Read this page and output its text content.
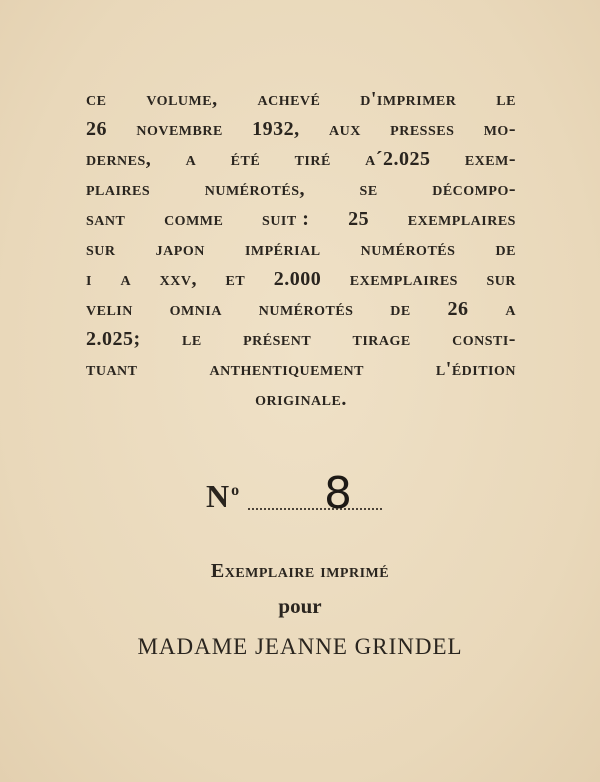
ce volume, achevé d'imprimer le
26 novembre 1932, aux presses mo-
dernes, a été tiré a´2.025 exem-
plaires	numérotés,	se	décompo-
sant comme suit : 25 exemplaires
sur japon impérial numérotés de
i a xxv, et 2.000 exemplaires sur
velin omnia numérotés de 26 a
2.025; le présent tirage consti-
tuant	anthentiquement	l'édition
originale.
N $^o$ 8
Exemplaire imprimé
pour
MADAME JEANNE GRINDEL
